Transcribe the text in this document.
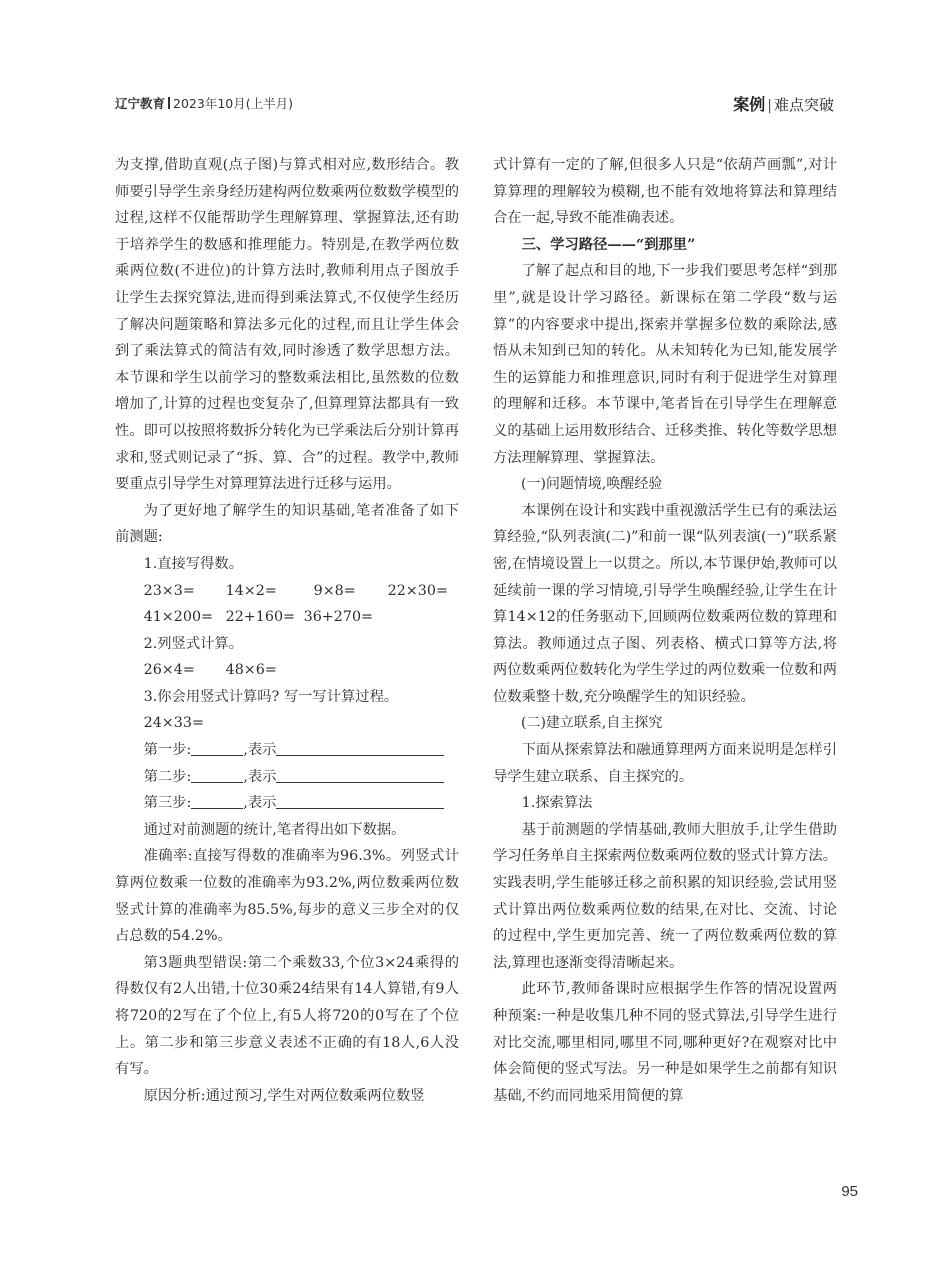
辽宁教育 2023年10月(上半月)	案例 | 难点突破

为支撑,借助直观(点子图)与算式相对应,数形结合。教师要引导学生亲身经历建构两位数乘两位数数学模型的过程,这样不仅能帮助学生理解算理、掌握算法,还有助于培养学生的数感和推理能力。特别是,在教学两位数乘两位数(不进位)的计算方法时,教师利用点子图放手让学生去探究算法,进而得到乘法算式,不仅使学生经历了解决问题策略和算法多元化的过程,而且让学生体会到了乘法算式的简洁有效,同时渗透了数学思想方法。本节课和学生以前学习的整数乘法相比,虽然数的位数增加了,计算的过程也变复杂了,但算理算法都具有一致性。即可以按照将数拆分转化为已学乘法后分别计算再求和,竖式则记录了“拆、算、合”的过程。教学中,教师要重点引导学生对算理算法进行迁移与运用。

为了更好地了解学生的知识基础,笔者准备了如下前测题:

1.直接写得数。

23×3= 14×2=	9×8= 22×30=
41×200= 22+160= 36+270=

2.列竖式计算。

26×4= 48×6=

3.你会用竖式计算吗? 写一写计算过程。

24×33=
第一步:	,表示
第二步:	,表示
第三步:	,表示

通过对前测题的统计,笔者得出如下数据。

准确率:直接写得数的准确率为96.3%。列竖式计算两位数乘一位数的准确率为93.2%,两位数乘两位数竖式计算的准确率为85.5%,每步的意义三步全对的仅占总数的54.2%。

第3题典型错误:第二个乘数33,个位3×24乘得的得数仅有2人出错,十位30乘24结果有14人算错,有9人将720的2写在了个位上,有5人将720的0写在了个位上。第二步和第三步意义表述不正确的有18人,6人没有写。

原因分析:通过预习,学生对两位数乘两位数竖

式计算有一定的了解,但很多人只是“依葫芦画瓢”,对计算算理的理解较为模糊,也不能有效地将算法和算理结合在一起,导致不能准确表述。

三、学习路径——“到那里”

了解了起点和目的地,下一步我们要思考怎样“到那里”,就是设计学习路径。新课标在第二学段“数与运算”的内容要求中提出,探索并掌握多位数的乘除法,感悟从未知到已知的转化。从未知转化为已知,能发展学生的运算能力和推理意识,同时有利于促进学生对算理的理解和迁移。本节课中,笔者旨在引导学生在理解意义的基础上运用数形结合、迁移类推、转化等数学思想方法理解算理、掌握算法。

(一)问题情境,唤醒经验

本课例在设计和实践中重视激活学生已有的乘法运算经验,“队列表演(二)”和前一课“队列表演(一)”联系紧密,在情境设置上一以贯之。所以,本节课伊始,教师可以延续前一课的学习情境,引导学生唤醒经验,让学生在计算14×12的任务驱动下,回顾两位数乘两位数的算理和算法。教师通过点子图、列表格、横式口算等方法,将两位数乘两位数转化为学生学过的两位数乘一位数和两位数乘整十数,充分唤醒学生的知识经验。

(二)建立联系,自主探究

下面从探索算法和融通算理两方面来说明是怎样引导学生建立联系、自主探究的。

1.探索算法

基于前测题的学情基础,教师大胆放手,让学生借助学习任务单自主探索两位数乘两位数的竖式计算方法。实践表明,学生能够迁移之前积累的知识经验,尝试用竖式计算出两位数乘两位数的结果,在对比、交流、讨论的过程中,学生更加完善、统一了两位数乘两位数的算法,算理也逐渐变得清晰起来。

此环节,教师备课时应根据学生作答的情况设置两种预案:一种是收集几种不同的竖式算法,引导学生进行对比交流,哪里相同,哪里不同,哪种更好?在观察对比中体会简便的竖式写法。另一种是如果学生之前都有知识基础,不约而同地采用简便的算

95
